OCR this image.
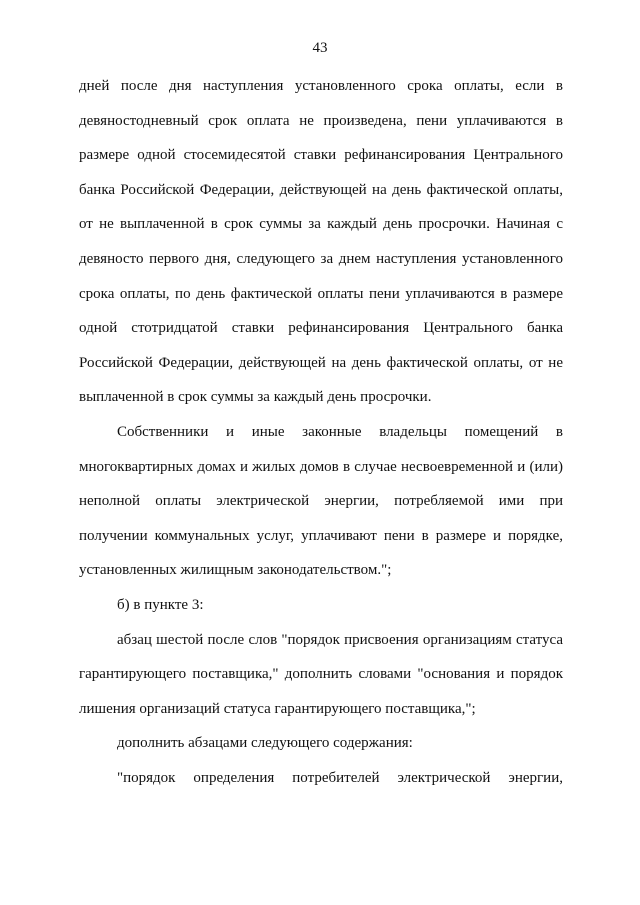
43
дней после дня наступления установленного срока оплаты, если в
девяностодневный срок оплата не произведена, пени уплачиваются в
размере одной стосемидесятой ставки рефинансирования Центрального
банка Российской Федерации, действующей на день фактической оплаты,
от не выплаченной в срок суммы за каждый день просрочки. Начиная с
девяносто первого дня, следующего за днем наступления установленного
срока оплаты, по день фактической оплаты пени уплачиваются в размере
одной стотридцатой ставки рефинансирования Центрального банка
Российской Федерации, действующей на день фактической оплаты, от не
выплаченной в срок суммы за каждый день просрочки.
Собственники и иные законные владельцы помещений в
многоквартирных домах и жилых домов в случае несвоевременной и (или)
неполной оплаты электрической энергии, потребляемой ими при
получении коммунальных услуг, уплачивают пени в размере и порядке,
установленных жилищным законодательством.";
б) в пункте 3:
абзац шестой после слов "порядок присвоения организациям статуса
гарантирующего поставщика," дополнить словами "основания и порядок
лишения организаций статуса гарантирующего поставщика,";
дополнить абзацами следующего содержания:
"порядок определения потребителей электрической энергии,
